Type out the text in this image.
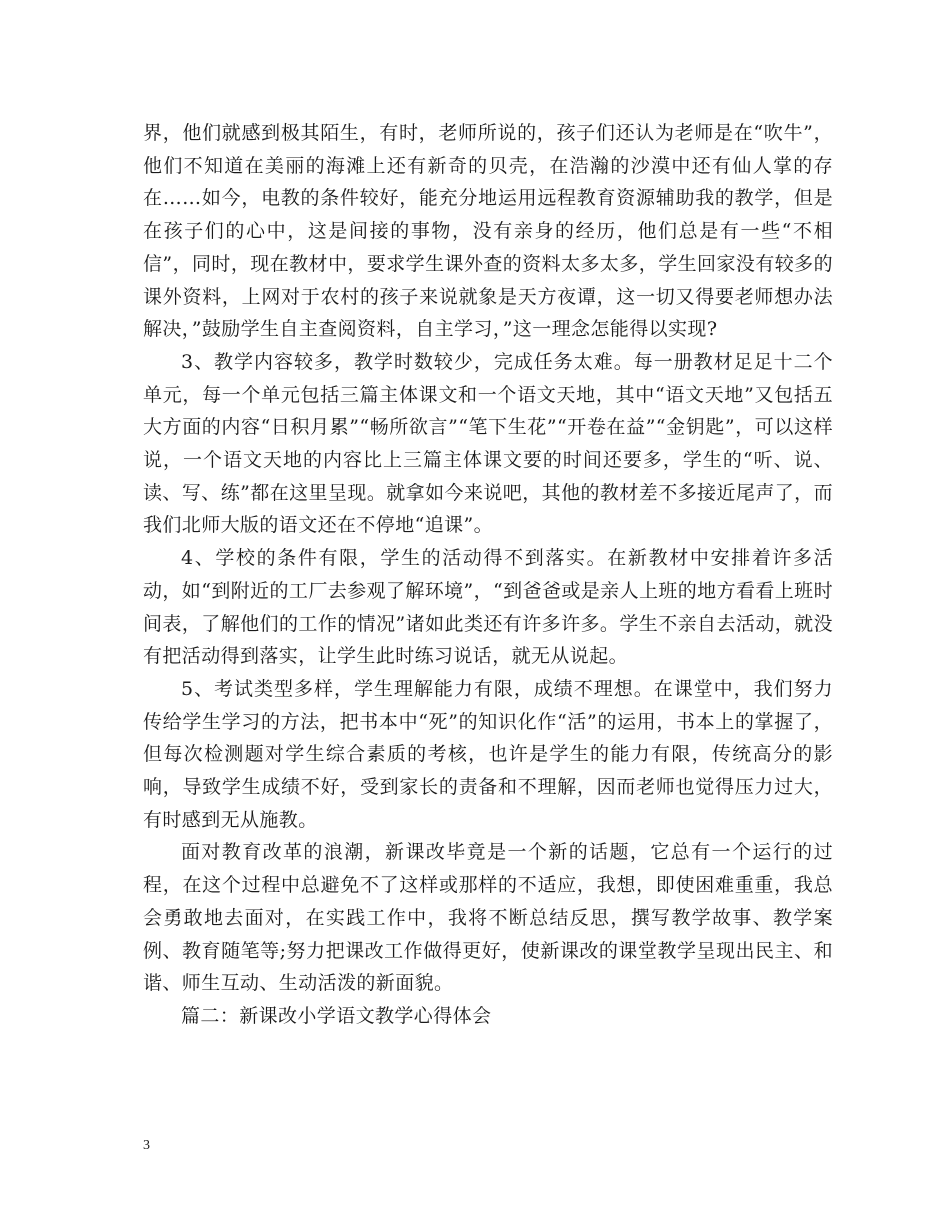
界，他们就感到极其陌生，有时，老师所说的，孩子们还认为老师是在“吹牛”，他们不知道在美丽的海滩上还有新奇的贝壳，在浩瀚的沙漠中还有仙人掌的存在……如今，电教的条件较好，能充分地运用远程教育资源辅助我的教学，但是在孩子们的心中，这是间接的事物，没有亲身的经历，他们总是有一些“不相信”，同时，现在教材中，要求学生课外查的资料太多太多，学生回家没有较多的课外资料，上网对于农村的孩子来说就象是天方夜谭，这一切又得要老师想办法解决，”鼓励学生自主查阅资料，自主学习，”这一理念怎能得以实现?

3、教学内容较多，教学时数较少，完成任务太难。每一册教材足足十二个单元，每一个单元包括三篇主体课文和一个语文天地，其中“语文天地”又包括五大方面的内容“日积月累”“畅所欲言”“笔下生花”“开卷在益”“金钥匙”，可以这样说，一个语文天地的内容比上三篇主体课文要的时间还要多，学生的“听、说、读、写、练”都在这里呈现。就拿如今来说吧，其他的教材差不多接近尾声了，而我们北师大版的语文还在不停地“追课”。

4、学校的条件有限，学生的活动得不到落实。在新教材中安排着许多活动，如“到附近的工厂去参观了解环境”，“到爸爸或是亲人上班的地方看看上班时间表，了解他们的工作的情况”诸如此类还有许多许多。学生不亲自去活动，就没有把活动得到落实，让学生此时练习说话，就无从说起。

5、考试类型多样，学生理解能力有限，成绩不理想。在课堂中，我们努力传给学生学习的方法，把书本中“死”的知识化作“活”的运用，书本上的掌握了，但每次检测题对学生综合素质的考核，也许是学生的能力有限，传统高分的影响，导致学生成绩不好，受到家长的责备和不理解，因而老师也觉得压力过大，有时感到无从施教。

面对教育改革的浪潮，新课改毕竟是一个新的话题，它总有一个运行的过程，在这个过程中总避免不了这样或那样的不适应，我想，即使困难重重，我总会勇敢地去面对，在实践工作中，我将不断总结反思，撰写教学故事、教学案例、教育随笔等;努力把课改工作做得更好，使新课改的课堂教学呈现出民主、和谐、师生互动、生动活泼的新面貌。

篇二：新课改小学语文教学心得体会

3
